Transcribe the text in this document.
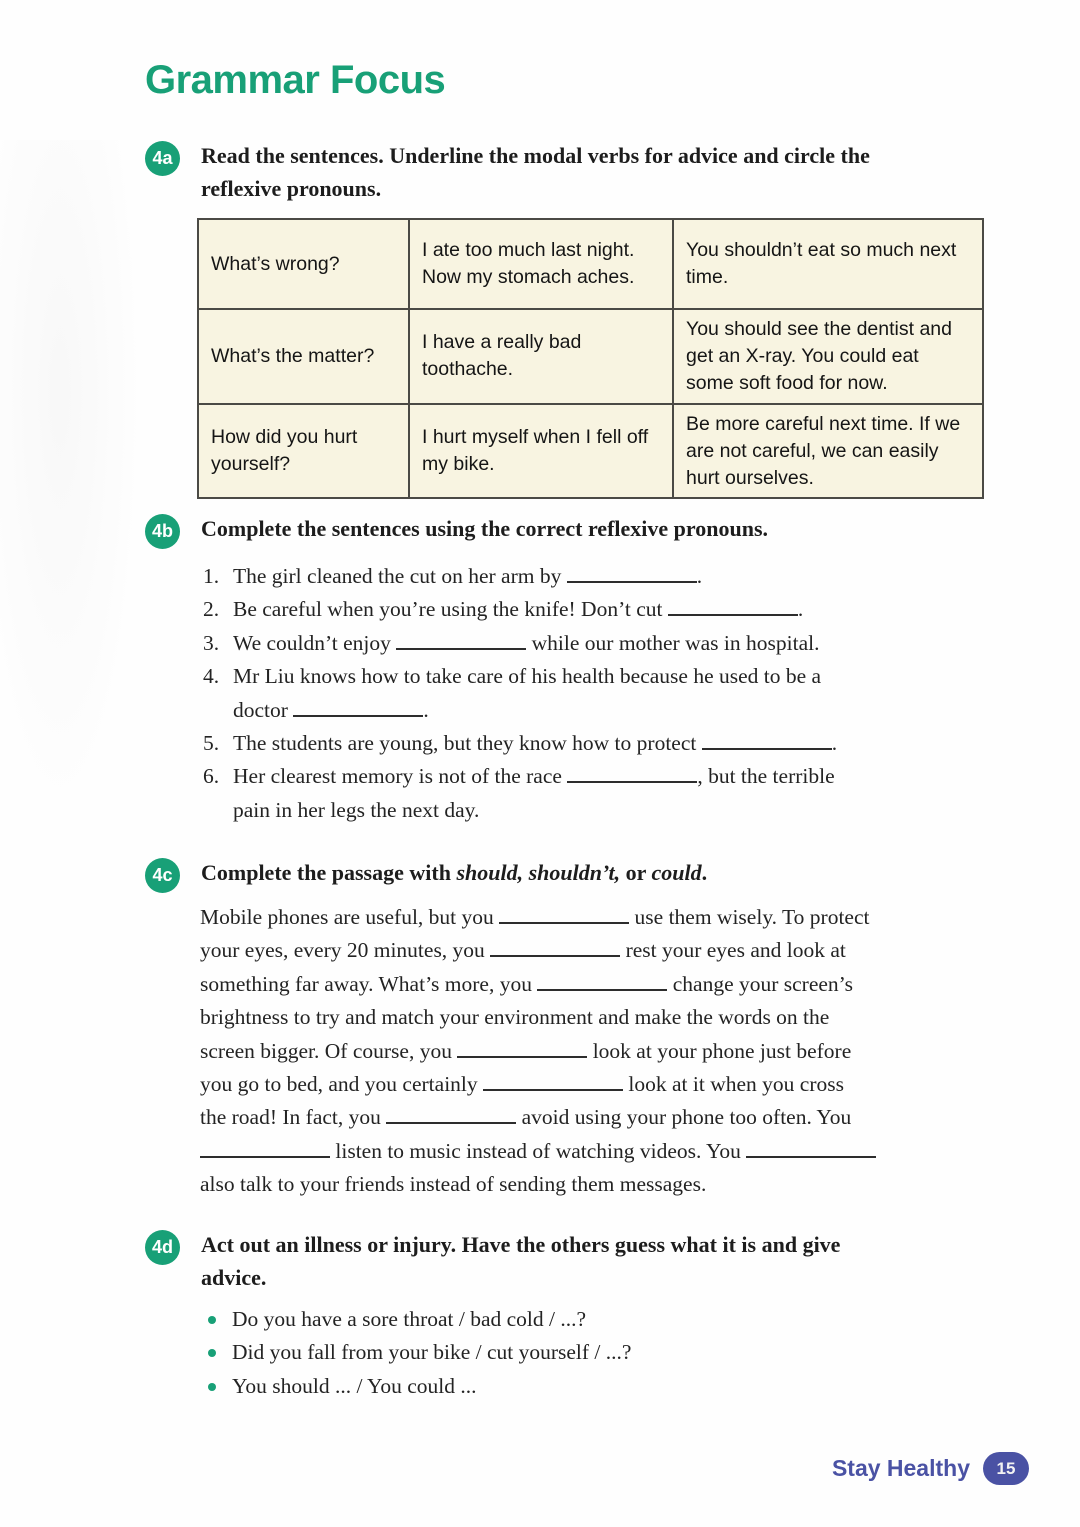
Grammar Focus
4a	Read the sentences. Underline the modal verbs for advice and circle the
reflexive pronouns.
What’s wrong?	I ate too much last night. Now my stomach aches.	You shouldn’t eat so much next time.
What’s the matter?	I have a really bad toothache.	You should see the dentist and get an X-ray. You could eat some soft food for now.
How did you hurt yourself?	I hurt myself when I fell off my bike.	Be more careful next time. If we are not careful, we can easily hurt ourselves.
4b	Complete the sentences using the correct reflexive pronouns.
1. The girl cleaned the cut on her arm by	.
2. Be careful when you’re using the knife! Don’t cut	.
3. We couldn’t enjoy	while our mother was in hospital.
4. Mr Liu knows how to take care of his health because he used to be a
doctor	.
5. The students are young, but they know how to protect	.
6. Her clearest memory is not of the race	, but the terrible
pain in her legs the next day.
4c	Complete the passage with should, shouldn’t, or could.
Mobile phones are useful, but you	use them wisely. To protect
your eyes, every 20 minutes, you	rest your eyes and look at
something far away. What’s more, you	change your screen’s
brightness to try and match your environment and make the words on the
screen bigger. Of course, you	look at your phone just before
you go to bed, and you certainly	look at it when you cross
the road! In fact, you	avoid using your phone too often. You
listen to music instead of watching videos. You
also talk to your friends instead of sending them messages.
4d	Act out an illness or injury. Have the others guess what it is and give
advice.
Do you have a sore throat / bad cold / ...?
Did you fall from your bike / cut yourself / ...?
You should ... / You could ...
Stay Healthy	15
